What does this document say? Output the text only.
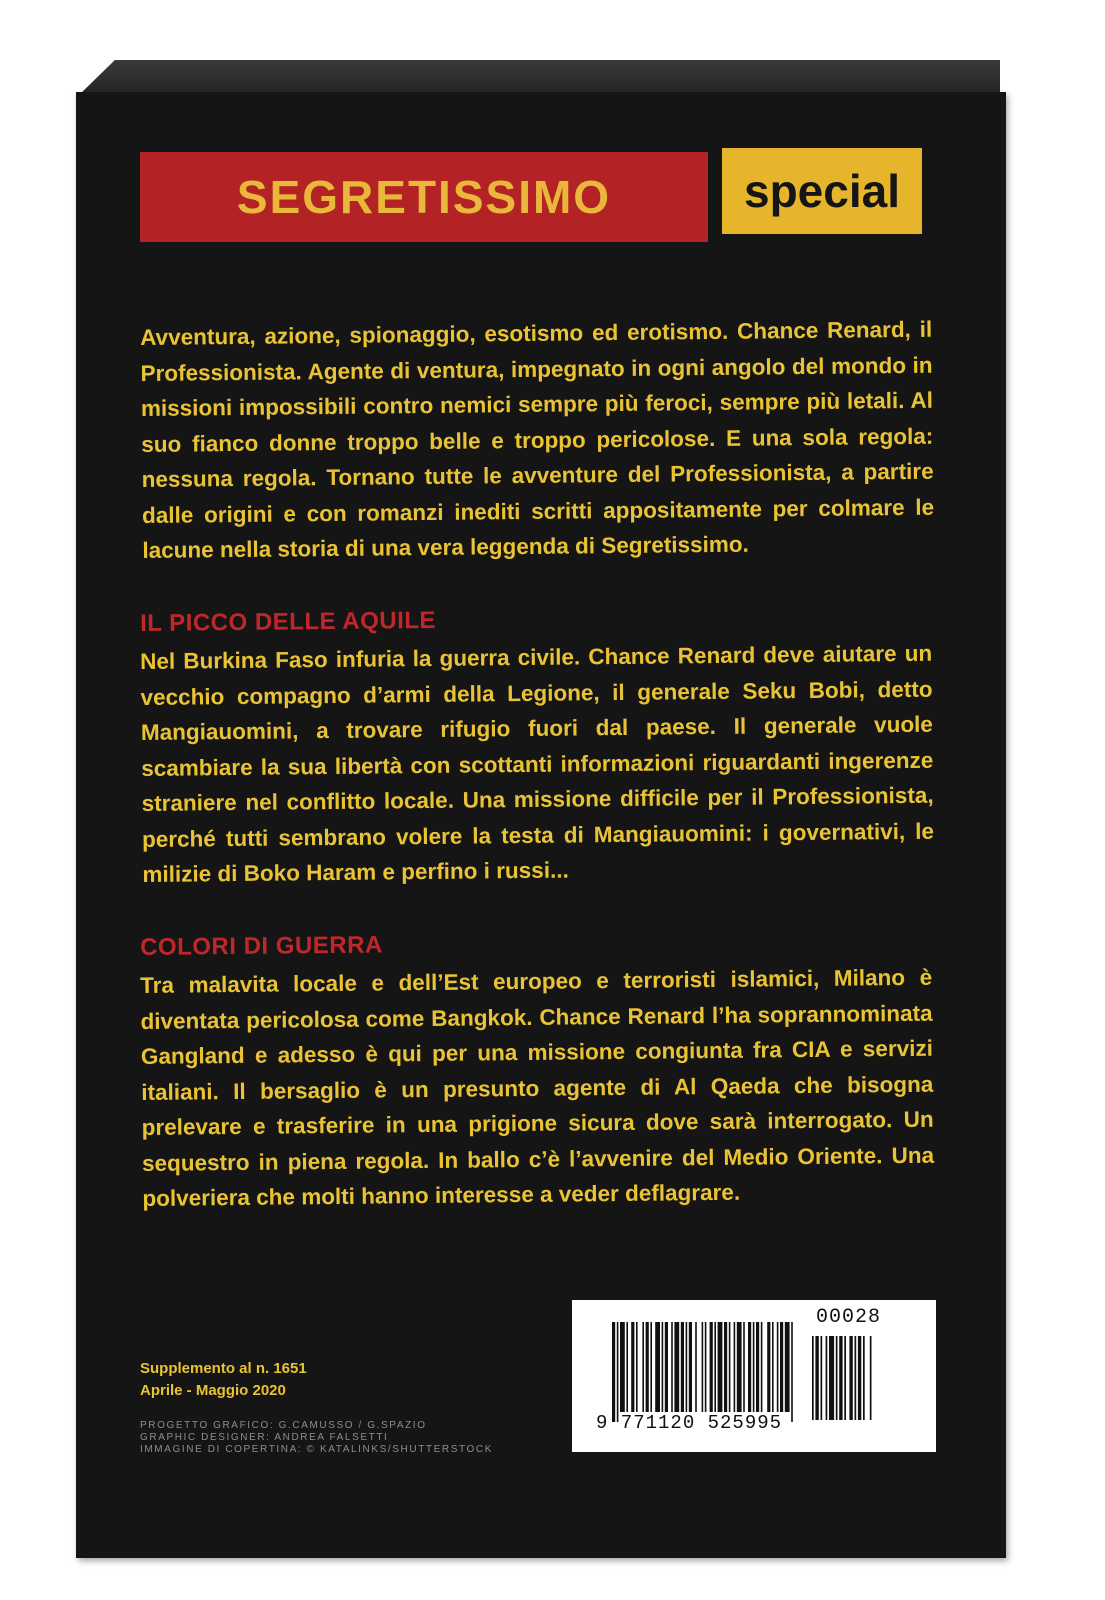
SEGRETISSIMO	special
Avventura, azione, spionaggio, esotismo ed erotismo. Chance Renard, il Professionista. Agente di ventura, impegnato in ogni angolo del mondo in missioni impossibili contro nemici sempre più feroci, sempre più letali. Al suo fianco donne troppo belle e troppo pericolose. E una sola regola: nessuna regola. Tornano tutte le avventure del Professionista, a partire dalle origini e con romanzi inediti scritti appositamente per colmare le lacune nella storia di una vera leggenda di Segretissimo.
IL PICCO DELLE AQUILE
Nel Burkina Faso infuria la guerra civile. Chance Renard deve aiutare un vecchio compagno d’armi della Legione, il generale Seku Bobi, detto Mangiauomini, a trovare rifugio fuori dal paese. Il generale vuole scambiare la sua libertà con scottanti informazioni riguardanti ingerenze straniere nel conflitto locale. Una missione difficile per il Professionista, perché tutti sembrano volere la testa di Mangiauomini: i governativi, le milizie di Boko Haram e perfino i russi...
COLORI DI GUERRA
Tra malavita locale e dell’Est europeo e terroristi islamici, Milano è diventata pericolosa come Bangkok. Chance Renard l’ha soprannominata Gangland e adesso è qui per una missione congiunta fra CIA e servizi italiani. Il bersaglio è un presunto agente di Al Qaeda che bisogna prelevare e trasferire in una prigione sicura dove sarà interrogato. Un sequestro in piena regola. In ballo c’è l’avvenire del Medio Oriente. Una polveriera che molti hanno interesse a veder deflagrare.
Supplemento al n. 1651
Aprile - Maggio 2020
PROGETTO GRAFICO: G.CAMUSSO / G.SPAZIO
GRAPHIC DESIGNER: ANDREA FALSETTI
IMMAGINE DI COPERTINA: © KATALINKS/SHUTTERSTOCK
9 771120 525995
00028
